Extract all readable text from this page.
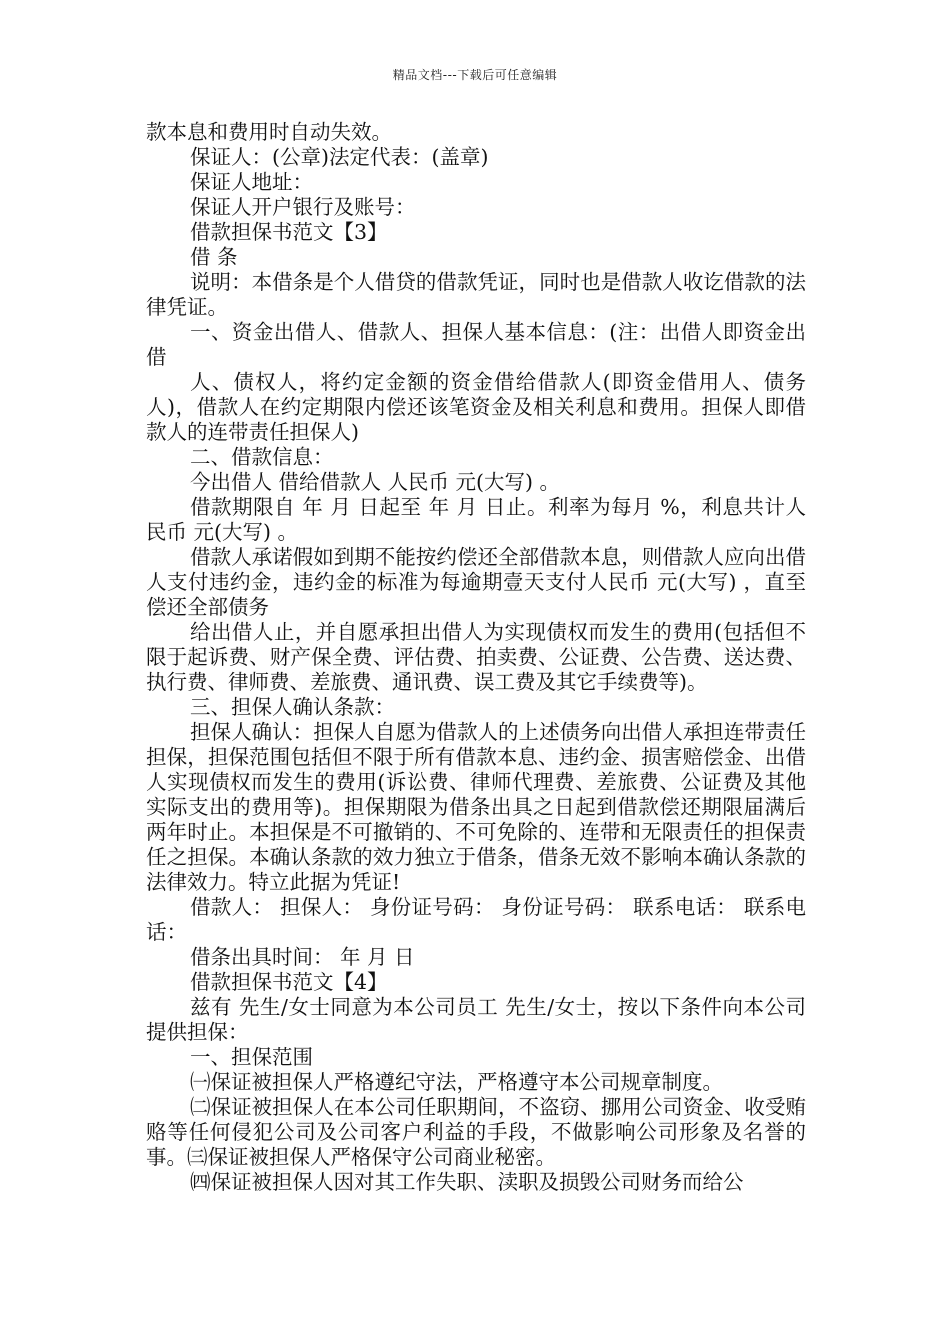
精品文档---下载后可任意编辑

款本息和费用时自动失效。

保证人：(公章)法定代表：(盖章)

保证人地址：

保证人开户银行及账号：

借款担保书范文【3】

借 条

说明：本借条是个人借贷的借款凭证，同时也是借款人收讫借款的法律凭证。

一、资金出借人、借款人、担保人基本信息：(注：出借人即资金出借

人、债权人，将约定金额的资金借给借款人(即资金借用人、债务人)，借款人在约定期限内偿还该笔资金及相关利息和费用。担保人即借款人的连带责任担保人)

二、借款信息：

今出借人 借给借款人 人民币 元(大写) 。

借款期限自 年 月 日起至 年 月 日止。利率为每月 %，利息共计人民币 元(大写) 。

借款人承诺假如到期不能按约偿还全部借款本息，则借款人应向出借人支付违约金，违约金的标准为每逾期壹天支付人民币 元(大写) ，直至偿还全部债务

给出借人止，并自愿承担出借人为实现债权而发生的费用(包括但不限于起诉费、财产保全费、评估费、拍卖费、公证费、公告费、送达费、执行费、律师费、差旅费、通讯费、误工费及其它手续费等)。

三、担保人确认条款：

担保人确认：担保人自愿为借款人的上述债务向出借人承担连带责任担保，担保范围包括但不限于所有借款本息、违约金、损害赔偿金、出借人实现债权而发生的费用(诉讼费、律师代理费、差旅费、公证费及其他实际支出的费用等)。担保期限为借条出具之日起到借款偿还期限届满后两年时止。本担保是不可撤销的、不可免除的、连带和无限责任的担保责任之担保。本确认条款的效力独立于借条，借条无效不影响本确认条款的法律效力。特立此据为凭证!

借款人： 担保人： 身份证号码： 身份证号码： 联系电话： 联系电话：

借条出具时间： 年 月 日

借款担保书范文【4】

兹有 先生/女士同意为本公司员工 先生/女士，按以下条件向本公司提供担保：

一、担保范围

㈠保证被担保人严格遵纪守法，严格遵守本公司规章制度。

㈡保证被担保人在本公司任职期间，不盗窃、挪用公司资金、收受贿赂等任何侵犯公司及公司客户利益的手段，不做影响公司形象及名誉的事。㈢保证被担保人严格保守公司商业秘密。

㈣保证被担保人因对其工作失职、渎职及损毁公司财务而给公
